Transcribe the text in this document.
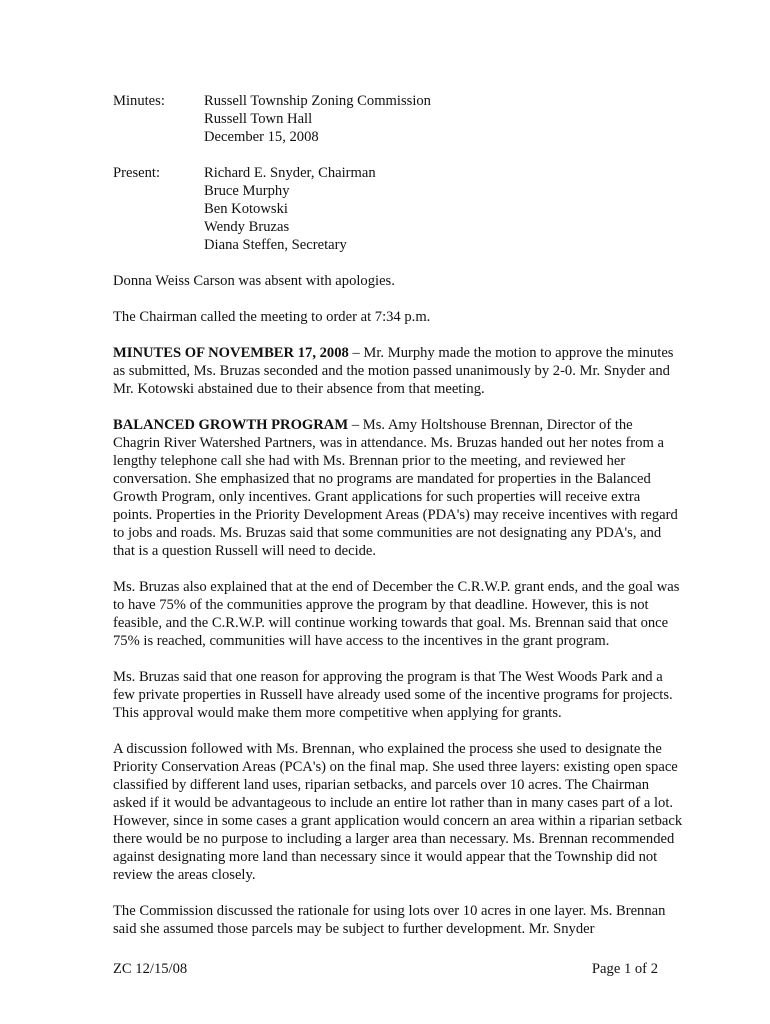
Minutes:	Russell Township Zoning Commission
Russell Town Hall
December 15, 2008
Present:	Richard E. Snyder, Chairman
Bruce Murphy
Ben Kotowski
Wendy Bruzas
Diana Steffen, Secretary

Donna Weiss Carson was absent with apologies.

The Chairman called the meeting to order at 7:34 p.m.

MINUTES OF NOVEMBER 17, 2008 – Mr. Murphy made the motion to approve the minutes as submitted, Ms. Bruzas seconded and the motion passed unanimously by 2-0. Mr. Snyder and Mr. Kotowski abstained due to their absence from that meeting.

BALANCED GROWTH PROGRAM – Ms. Amy Holtshouse Brennan, Director of the Chagrin River Watershed Partners, was in attendance. Ms. Bruzas handed out her notes from a lengthy telephone call she had with Ms. Brennan prior to the meeting, and reviewed her conversation. She emphasized that no programs are mandated for properties in the Balanced Growth Program, only incentives. Grant applications for such properties will receive extra points. Properties in the Priority Development Areas (PDA's) may receive incentives with regard to jobs and roads. Ms. Bruzas said that some communities are not designating any PDA's, and that is a question Russell will need to decide.

Ms. Bruzas also explained that at the end of December the C.R.W.P. grant ends, and the goal was to have 75% of the communities approve the program by that deadline. However, this is not feasible, and the C.R.W.P. will continue working towards that goal. Ms. Brennan said that once 75% is reached, communities will have access to the incentives in the grant program.

Ms. Bruzas said that one reason for approving the program is that The West Woods Park and a few private properties in Russell have already used some of the incentive programs for projects. This approval would make them more competitive when applying for grants.

A discussion followed with Ms. Brennan, who explained the process she used to designate the Priority Conservation Areas (PCA's) on the final map. She used three layers: existing open space classified by different land uses, riparian setbacks, and parcels over 10 acres. The Chairman asked if it would be advantageous to include an entire lot rather than in many cases part of a lot. However, since in some cases a grant application would concern an area within a riparian setback there would be no purpose to including a larger area than necessary. Ms. Brennan recommended against designating more land than necessary since it would appear that the Township did not review the areas closely.

The Commission discussed the rationale for using lots over 10 acres in one layer. Ms. Brennan said she assumed those parcels may be subject to further development. Mr. Snyder

ZC 12/15/08	Page 1 of 2
